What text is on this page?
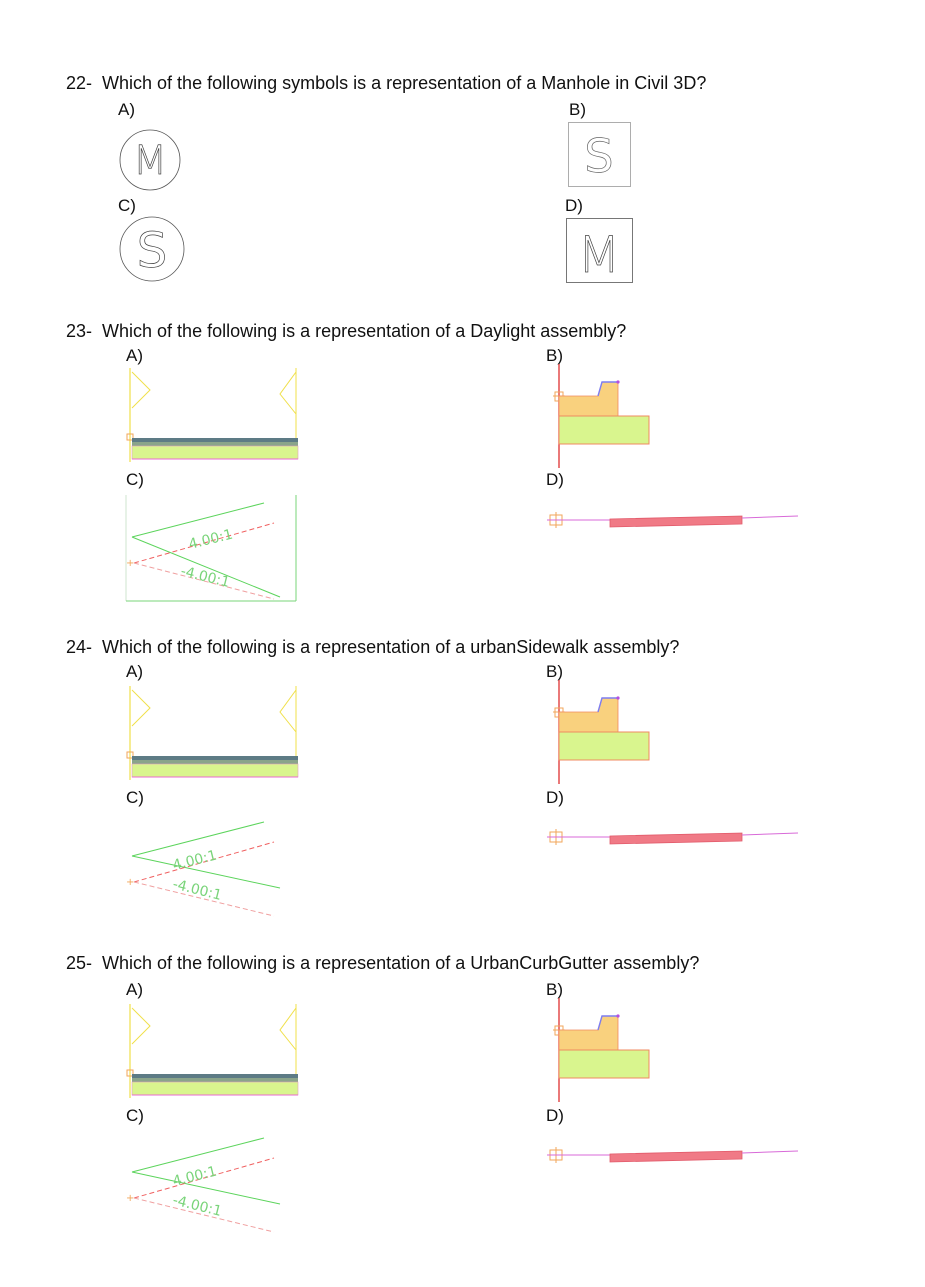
22- Which of the following symbols is a representation of a Manhole in Civil 3D?
A)	B)
C)	D)
M	S
S	M
23- Which of the following is a representation of a Daylight assembly?
A)	B)
C)	D)
4.00:1
-4.00:1
+
24- Which of the following is a representation of a urbanSidewalk assembly?
A)	B)
C)	D)
4.00:1
-4.00:1
+
25- Which of the following is a representation of a UrbanCurbGutter assembly?
A)	B)
C)	D)
4.00:1
-4.00:1
+
